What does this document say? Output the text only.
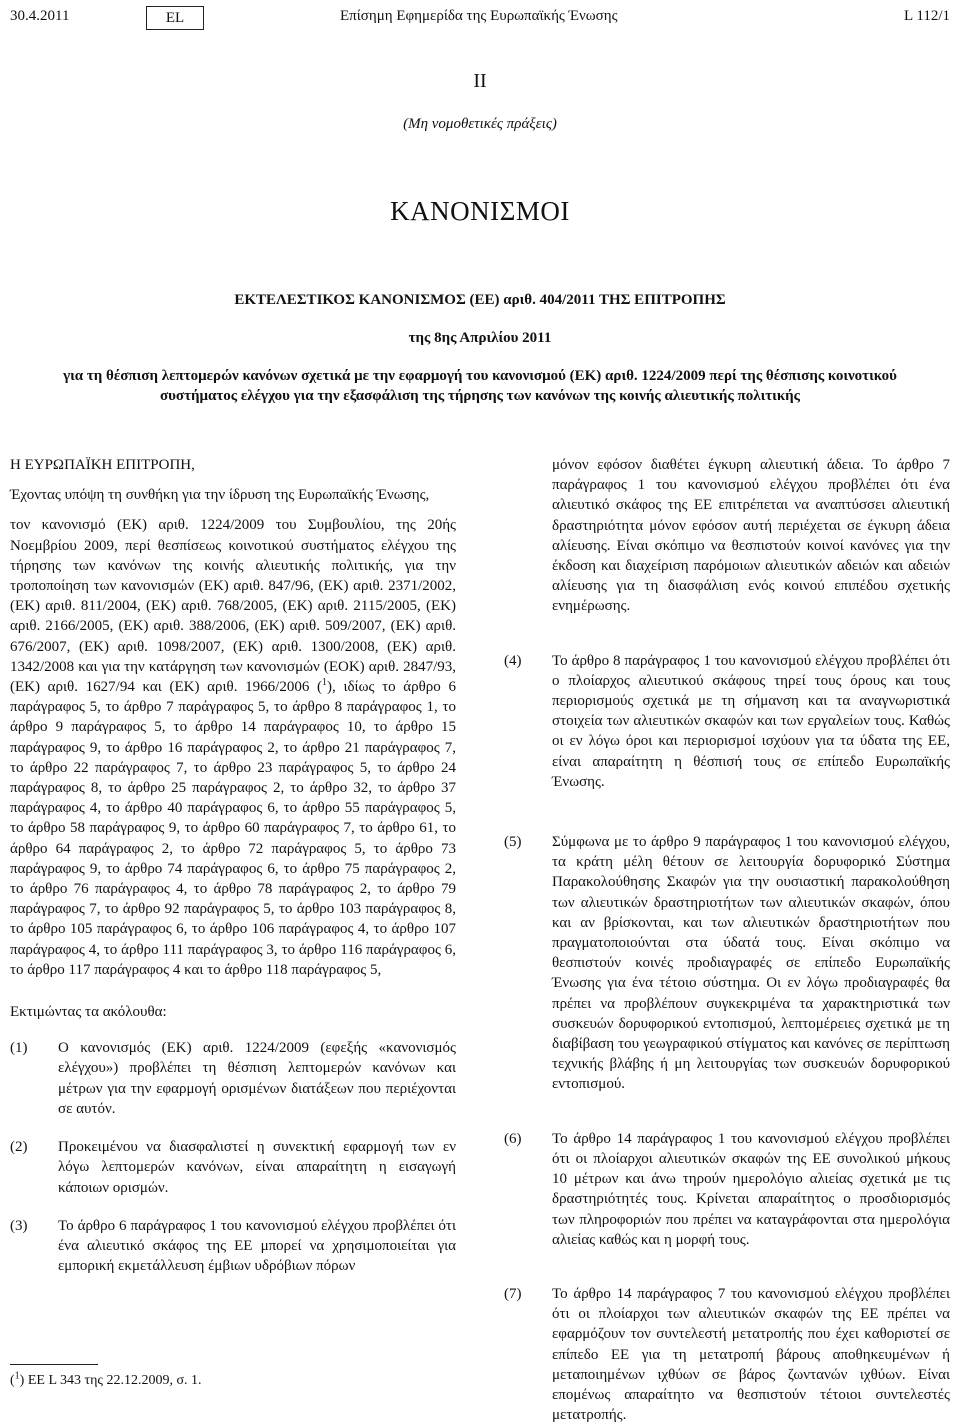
30.4.2011	EL	Επίσημη Εφημερίδα της Ευρωπαϊκής Ένωσης	L 112/1
II
(Μη νομοθετικές πράξεις)
ΚΑΝΟΝΙΣΜΟΙ
ΕΚΤΕΛΕΣΤΙΚΟΣ ΚΑΝΟΝΙΣΜΟΣ (ΕΕ) αριθ. 404/2011 ΤΗΣ ΕΠΙΤΡΟΠΗΣ
της 8ης Απριλίου 2011
για τη θέσπιση λεπτομερών κανόνων σχετικά με την εφαρμογή του κανονισμού (ΕΚ) αριθ. 1224/2009 περί της θέσπισης κοινοτικού συστήματος ελέγχου για την εξασφάλιση της τήρησης των κανόνων της κοινής αλιευτικής πολιτικής

Η ΕΥΡΩΠΑΪΚΗ ΕΠΙΤΡΟΠΗ,

Έχοντας υπόψη τη συνθήκη για την ίδρυση της Ευρωπαϊκής Ένωσης,

τον κανονισμό (ΕΚ) αριθ. 1224/2009 του Συμβουλίου, της 20ής Νοεμβρίου 2009, περί θεσπίσεως κοινοτικού συστήματος ελέγχου της τήρησης των κανόνων της κοινής αλιευτικής πολιτικής, για την τροποποίηση των κανονισμών (ΕΚ) αριθ. 847/96, (ΕΚ) αριθ. 2371/2002, (ΕΚ) αριθ. 811/2004, (ΕΚ) αριθ. 768/2005, (ΕΚ) αριθ. 2115/2005, (ΕΚ) αριθ. 2166/2005, (ΕΚ) αριθ. 388/2006, (ΕΚ) αριθ. 509/2007, (ΕΚ) αριθ. 676/2007, (ΕΚ) αριθ. 1098/2007, (ΕΚ) αριθ. 1300/2008, (ΕΚ) αριθ. 1342/2008 και για την κατάργηση των κανονισμών (ΕΟΚ) αριθ. 2847/93, (ΕΚ) αριθ. 1627/94 και (ΕΚ) αριθ. 1966/2006 ($^1$), ιδίως το άρθρο 6 παράγραφος 5, το άρθρο 7 παράγραφος 5, το άρθρο 8 παράγραφος 1, το άρθρο 9 παράγραφος 5, το άρθρο 14 παράγραφος 10, το άρθρο 15 παράγραφος 9, το άρθρο 16 παράγραφος 2, το άρθρο 21 παράγραφος 7, το άρθρο 22 παράγραφος 7, το άρθρο 23 παράγραφος 5, το άρθρο 24 παράγραφος 8, το άρθρο 25 παράγραφος 2, το άρθρο 32, το άρθρο 37 παράγραφος 4, το άρθρο 40 παράγραφος 6, το άρθρο 55 παράγραφος 5, το άρθρο 58 παράγραφος 9, το άρθρο 60 παράγραφος 7, το άρθρο 61, το άρθρο 64 παράγραφος 2, το άρθρο 72 παράγραφος 5, το άρθρο 73 παράγραφος 9, το άρθρο 74 παράγραφος 6, το άρθρο 75 παράγραφος 2, το άρθρο 76 παράγραφος 4, το άρθρο 78 παράγραφος 2, το άρθρο 79 παράγραφος 7, το άρθρο 92 παράγραφος 5, το άρθρο 103 παράγραφος 8, το άρθρο 105 παράγραφος 6, το άρθρο 106 παράγραφος 4, το άρθρο 107 παράγραφος 4, το άρθρο 111 παράγραφος 3, το άρθρο 116 παράγραφος 6, το άρθρο 117 παράγραφος 4 και το άρθρο 118 παράγραφος 5,

Εκτιμώντας τα ακόλουθα:

(1)	Ο κανονισμός (ΕΚ) αριθ. 1224/2009 (εφεξής «κανονισμός ελέγχου») προβλέπει τη θέσπιση λεπτομερών κανόνων και μέτρων για την εφαρμογή ορισμένων διατάξεων που περιέχονται σε αυτόν.
(2)	Προκειμένου να διασφαλιστεί η συνεκτική εφαρμογή των εν λόγω λεπτομερών κανόνων, είναι απαραίτητη η εισαγωγή κάποιων ορισμών.
(3)	Το άρθρο 6 παράγραφος 1 του κανονισμού ελέγχου προβλέπει ότι ένα αλιευτικό σκάφος της ΕΕ μπορεί να χρησιμοποιείται για εμπορική εκμετάλλευση έμβιων υδρόβιων πόρων

μόνον εφόσον διαθέτει έγκυρη αλιευτική άδεια. Το άρθρο 7 παράγραφος 1 του κανονισμού ελέγχου προβλέπει ότι ένα αλιευτικό σκάφος της ΕΕ επιτρέπεται να αναπτύσσει αλιευτική δραστηριότητα μόνον εφόσον αυτή περιέχεται σε έγκυρη άδεια αλίευσης. Είναι σκόπιμο να θεσπιστούν κοινοί κανόνες για την έκδοση και διαχείριση παρόμοιων αλιευτικών αδειών και αδειών αλίευσης για τη διασφάλιση ενός κοινού επιπέδου σχετικής ενημέρωσης.

(4)	Το άρθρο 8 παράγραφος 1 του κανονισμού ελέγχου προβλέπει ότι ο πλοίαρχος αλιευτικού σκάφους τηρεί τους όρους και τους περιορισμούς σχετικά με τη σήμανση και τα αναγνωριστικά στοιχεία των αλιευτικών σκαφών και των εργαλείων τους. Καθώς οι εν λόγω όροι και περιορισμοί ισχύουν για τα ύδατα της ΕΕ, είναι απαραίτητη η θέσπισή τους σε επίπεδο Ευρωπαϊκής Ένωσης.
(5)	Σύμφωνα με το άρθρο 9 παράγραφος 1 του κανονισμού ελέγχου, τα κράτη μέλη θέτουν σε λειτουργία δορυφορικό Σύστημα Παρακολούθησης Σκαφών για την ουσιαστική παρακολούθηση των αλιευτικών δραστηριοτήτων των αλιευτικών σκαφών, όπου και αν βρίσκονται, και των αλιευτικών δραστηριοτήτων που πραγματοποιούνται στα ύδατά τους. Είναι σκόπιμο να θεσπιστούν κοινές προδιαγραφές σε επίπεδο Ευρωπαϊκής Ένωσης για ένα τέτοιο σύστημα. Οι εν λόγω προδιαγραφές θα πρέπει να προβλέπουν συγκεκριμένα τα χαρακτηριστικά των συσκευών δορυφορικού εντοπισμού, λεπτομέρειες σχετικά με τη διαβίβαση του γεωγραφικού στίγματος και κανόνες σε περίπτωση τεχνικής βλάβης ή μη λειτουργίας των συσκευών δορυφορικού εντοπισμού.
(6)	Το άρθρο 14 παράγραφος 1 του κανονισμού ελέγχου προβλέπει ότι οι πλοίαρχοι αλιευτικών σκαφών της ΕΕ συνολικού μήκους 10 μέτρων και άνω τηρούν ημερολόγιο αλιείας σχετικά με τις δραστηριότητές τους. Κρίνεται απαραίτητος ο προσδιορισμός των πληροφοριών που πρέπει να καταγράφονται στα ημερολόγια αλιείας καθώς και η μορφή τους.
(7)	Το άρθρο 14 παράγραφος 7 του κανονισμού ελέγχου προβλέπει ότι οι πλοίαρχοι των αλιευτικών σκαφών της ΕΕ πρέπει να εφαρμόζουν τον συντελεστή μετατροπής που έχει καθοριστεί σε επίπεδο ΕΕ για τη μετατροπή βάρους αποθηκευμένων ή μεταποιημένων ιχθύων σε βάρος ζωντανών ιχθύων. Είναι επομένως απαραίτητο να θεσπιστούν τέτοιοι συντελεστές μετατροπής.
($^1$) ΕΕ L 343 της 22.12.2009, σ. 1.
